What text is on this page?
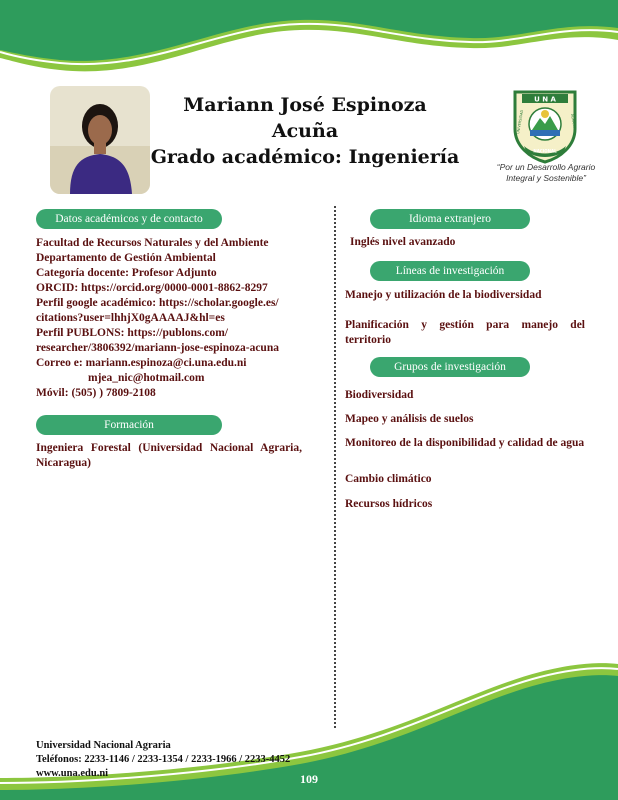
Mariann José Espinoza Acuña
Grado académico: Ingeniería
U N A
UNIVERSIDAD	AGRARIA
NACIONAL
“Por un Desarrollo Agrario
Integral y Sostenible”
Datos académicos y de contacto
Facultad de Recursos Naturales y del Ambiente
Departamento de Gestión Ambiental
Categoría docente: Profesor Adjunto
ORCID: https://orcid.org/0000-0001-8862-8297
Perfil google académico: https://scholar.google.es/
citations?user=lhhjX0gAAAAJ&hl=es
Perfil PUBLONS: https://publons.com/
researcher/3806392/mariann-jose-espinoza-acuna
Correo e: mariann.espinoza@ci.una.edu.ni
mjea_nic@hotmail.com
Móvil: (505) ) 7809-2108
Formación
Ingeniera Forestal (Universidad Nacional Agraria, Nicaragua)
Idioma extranjero
Inglés nivel avanzado
Líneas de investigación
Manejo y utilización de la biodiversidad
Planificación y gestión para manejo del territorio
Grupos de investigación
Biodiversidad
Mapeo y análisis de suelos
Monitoreo de la disponibilidad y calidad de agua
Cambio climático
Recursos hídricos
Universidad Nacional Agraria
Teléfonos: 2233-1146 / 2233-1354 / 2233-1966 / 2233-4452
www.una.edu.ni	109
